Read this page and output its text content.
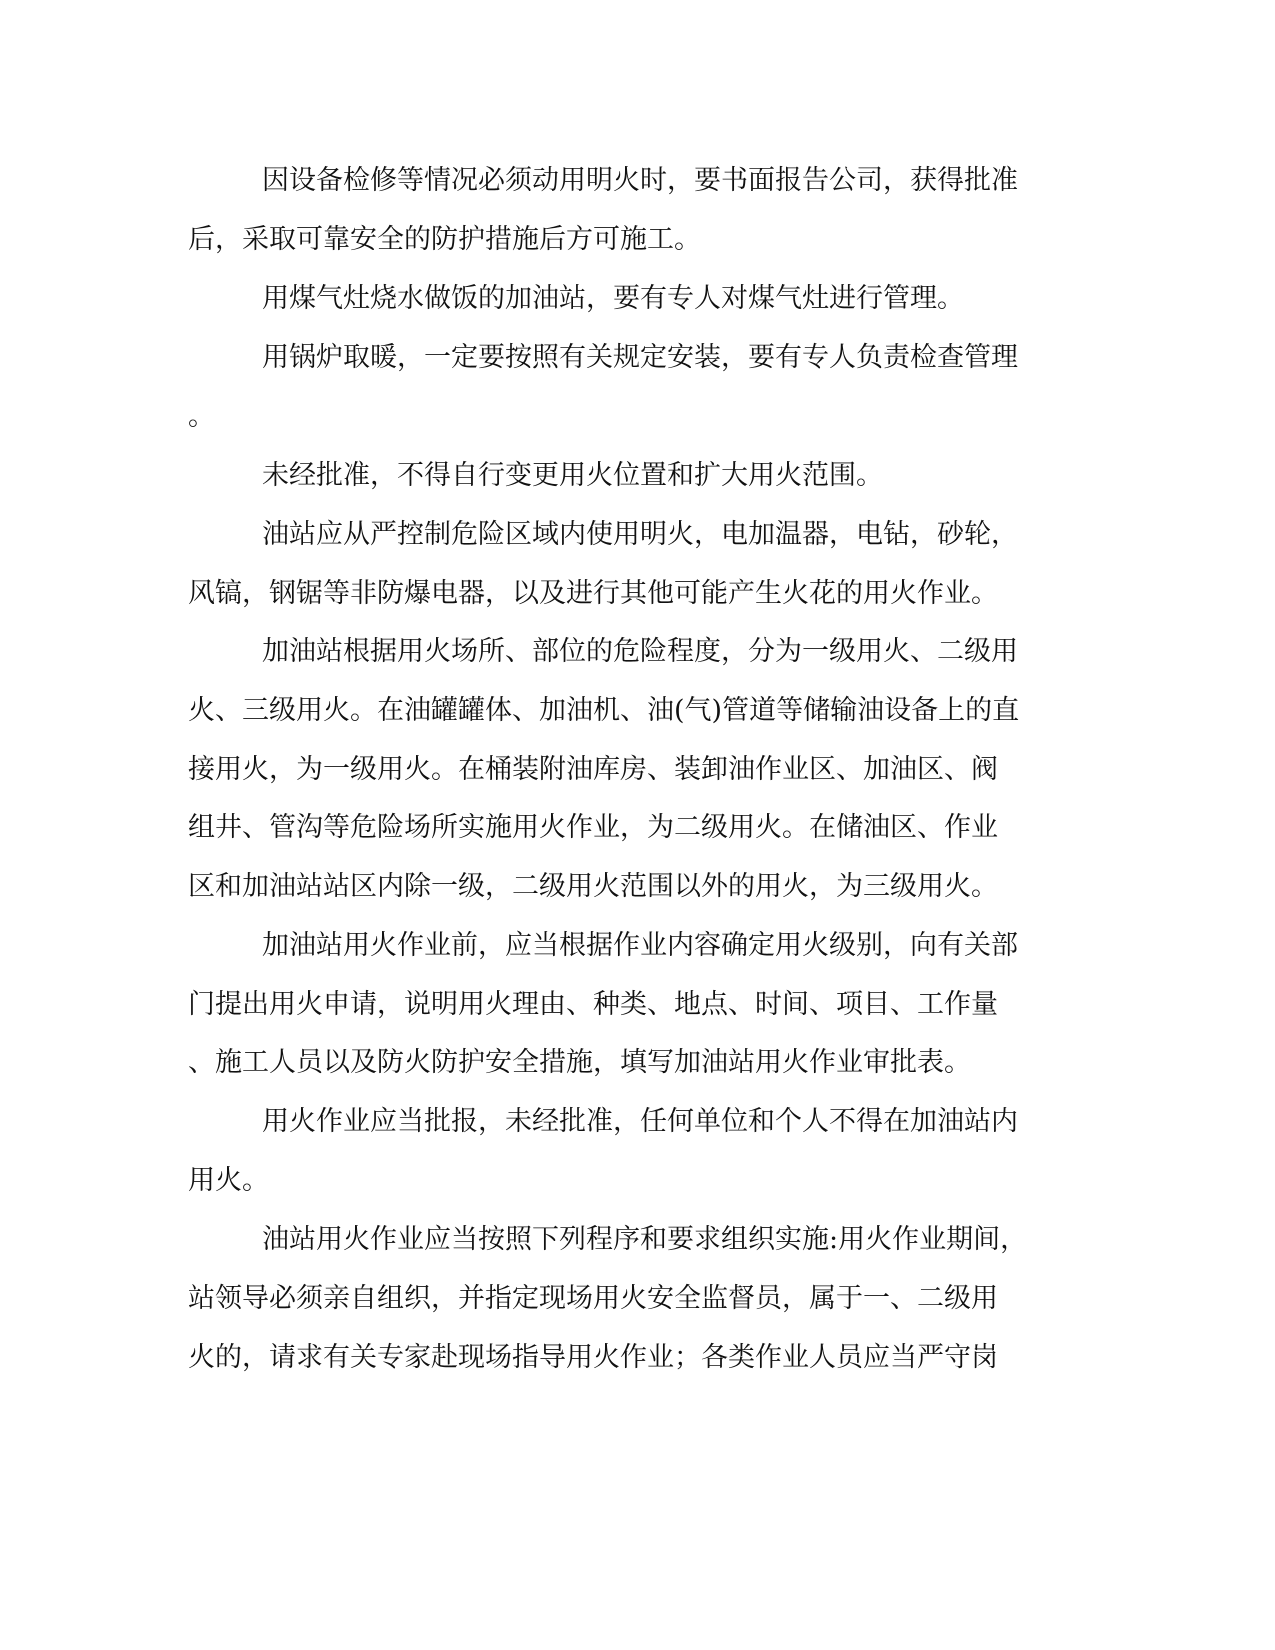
因设备检修等情况必须动用明火时，要书面报告公司，获得批准
后，采取可靠安全的防护措施后方可施工。
用煤气灶烧水做饭的加油站，要有专人对煤气灶进行管理。
用锅炉取暖，一定要按照有关规定安装，要有专人负责检查管理
。
未经批准，不得自行变更用火位置和扩大用火范围。
油站应从严控制危险区域内使用明火，电加温器，电钻，砂轮，
风镐，钢锯等非防爆电器，以及进行其他可能产生火花的用火作业。
加油站根据用火场所、部位的危险程度，分为一级用火、二级用
火、三级用火。在油罐罐体、加油机、油(气)管道等储输油设备上的直
接用火，为一级用火。在桶装附油库房、装卸油作业区、加油区、阀
组井、管沟等危险场所实施用火作业，为二级用火。在储油区、作业
区和加油站站区内除一级，二级用火范围以外的用火，为三级用火。
加油站用火作业前，应当根据作业内容确定用火级别，向有关部
门提出用火申请，说明用火理由、种类、地点、时间、项目、工作量
、施工人员以及防火防护安全措施，填写加油站用火作业审批表。
用火作业应当批报，未经批准，任何单位和个人不得在加油站内
用火。
油站用火作业应当按照下列程序和要求组织实施:用火作业期间，
站领导必须亲自组织，并指定现场用火安全监督员，属于一、二级用
火的，请求有关专家赴现场指导用火作业；各类作业人员应当严守岗
